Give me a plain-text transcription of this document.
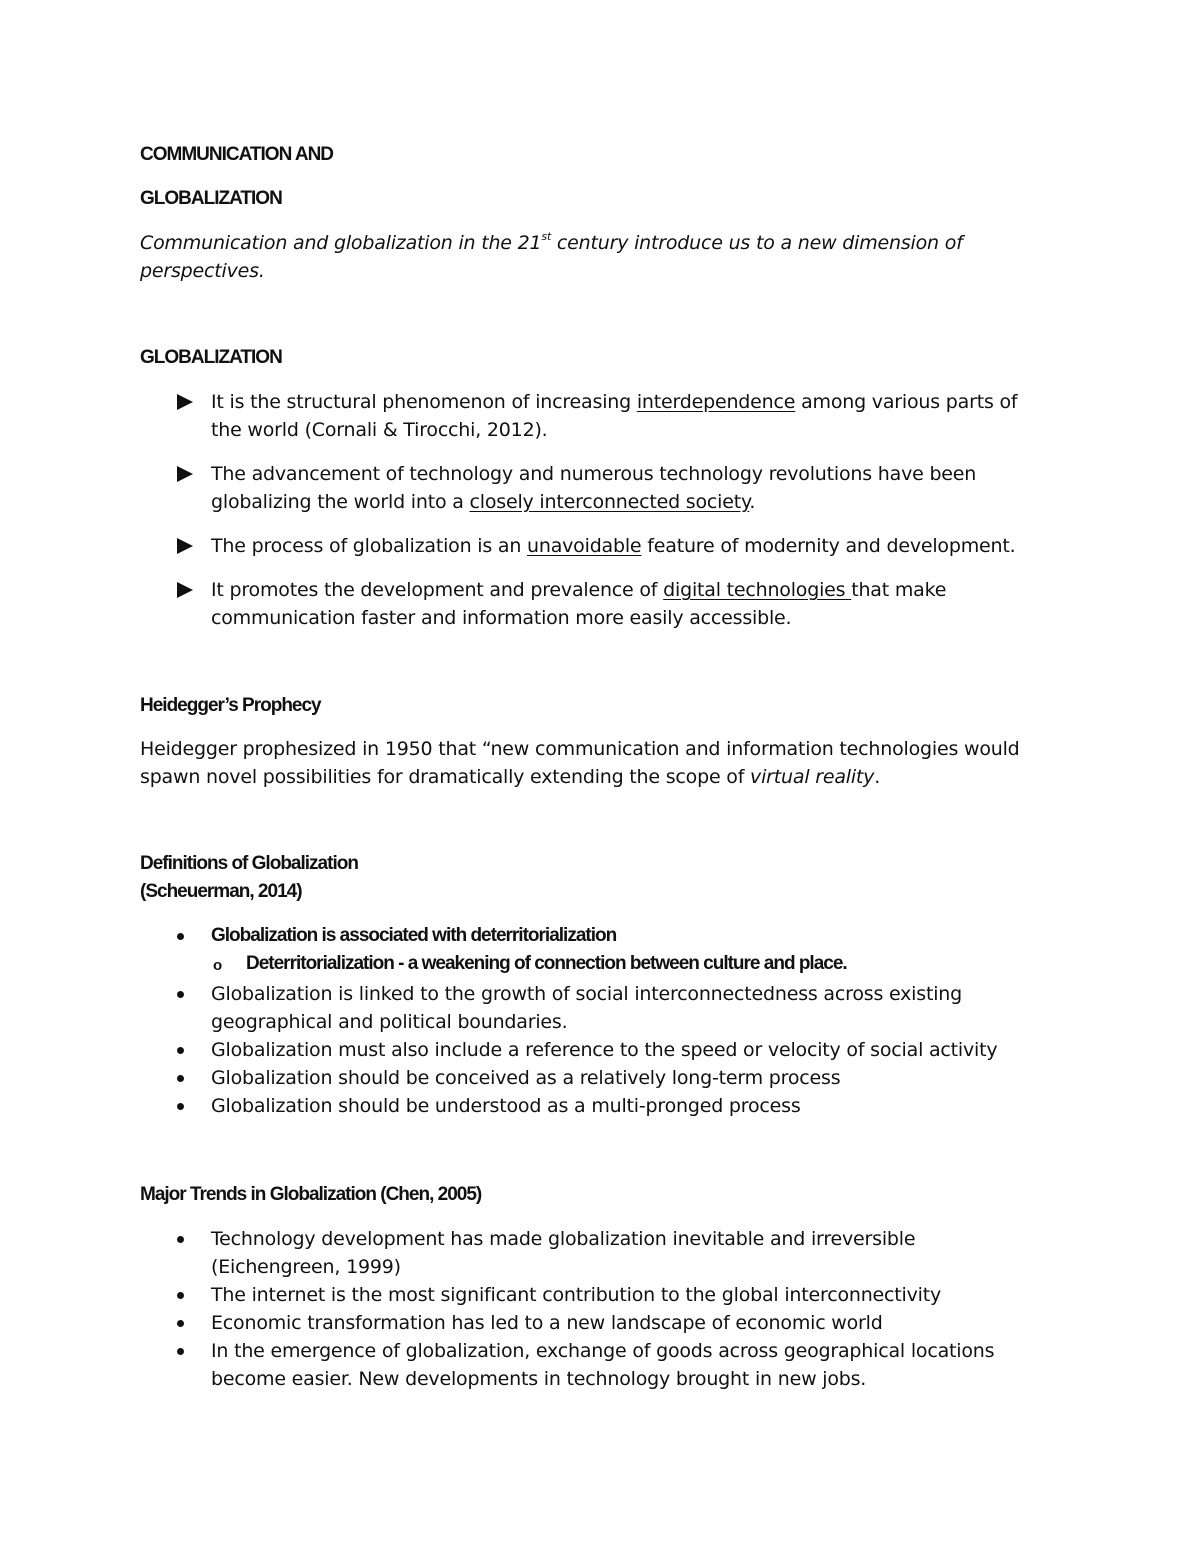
COMMUNICATION AND
GLOBALIZATION
Communication and globalization in the 21st century introduce us to a new dimension of
perspectives.
GLOBALIZATION
It is the structural phenomenon of increasing interdependence among various parts of
the world (Cornali & Tirocchi, 2012).
The advancement of technology and numerous technology revolutions have been
globalizing the world into a closely interconnected society.
The process of globalization is an unavoidable feature of modernity and development.
It promotes the development and prevalence of digital technologies that make
communication faster and information more easily accessible.
Heidegger’s Prophecy
Heidegger prophesized in 1950 that “new communication and information technologies would
spawn novel possibilities for dramatically extending the scope of virtual reality.
Definitions of Globalization
(Scheuerman, 2014)
Globalization is associated with deterritorialization
o Deterritorialization - a weakening of connection between culture and place.
Globalization is linked to the growth of social interconnectedness across existing
geographical and political boundaries.
Globalization must also include a reference to the speed or velocity of social activity
Globalization should be conceived as a relatively long-term process
Globalization should be understood as a multi-pronged process
Major Trends in Globalization (Chen, 2005)
Technology development has made globalization inevitable and irreversible
(Eichengreen, 1999)
The internet is the most significant contribution to the global interconnectivity
Economic transformation has led to a new landscape of economic world
In the emergence of globalization, exchange of goods across geographical locations
become easier. New developments in technology brought in new jobs.
